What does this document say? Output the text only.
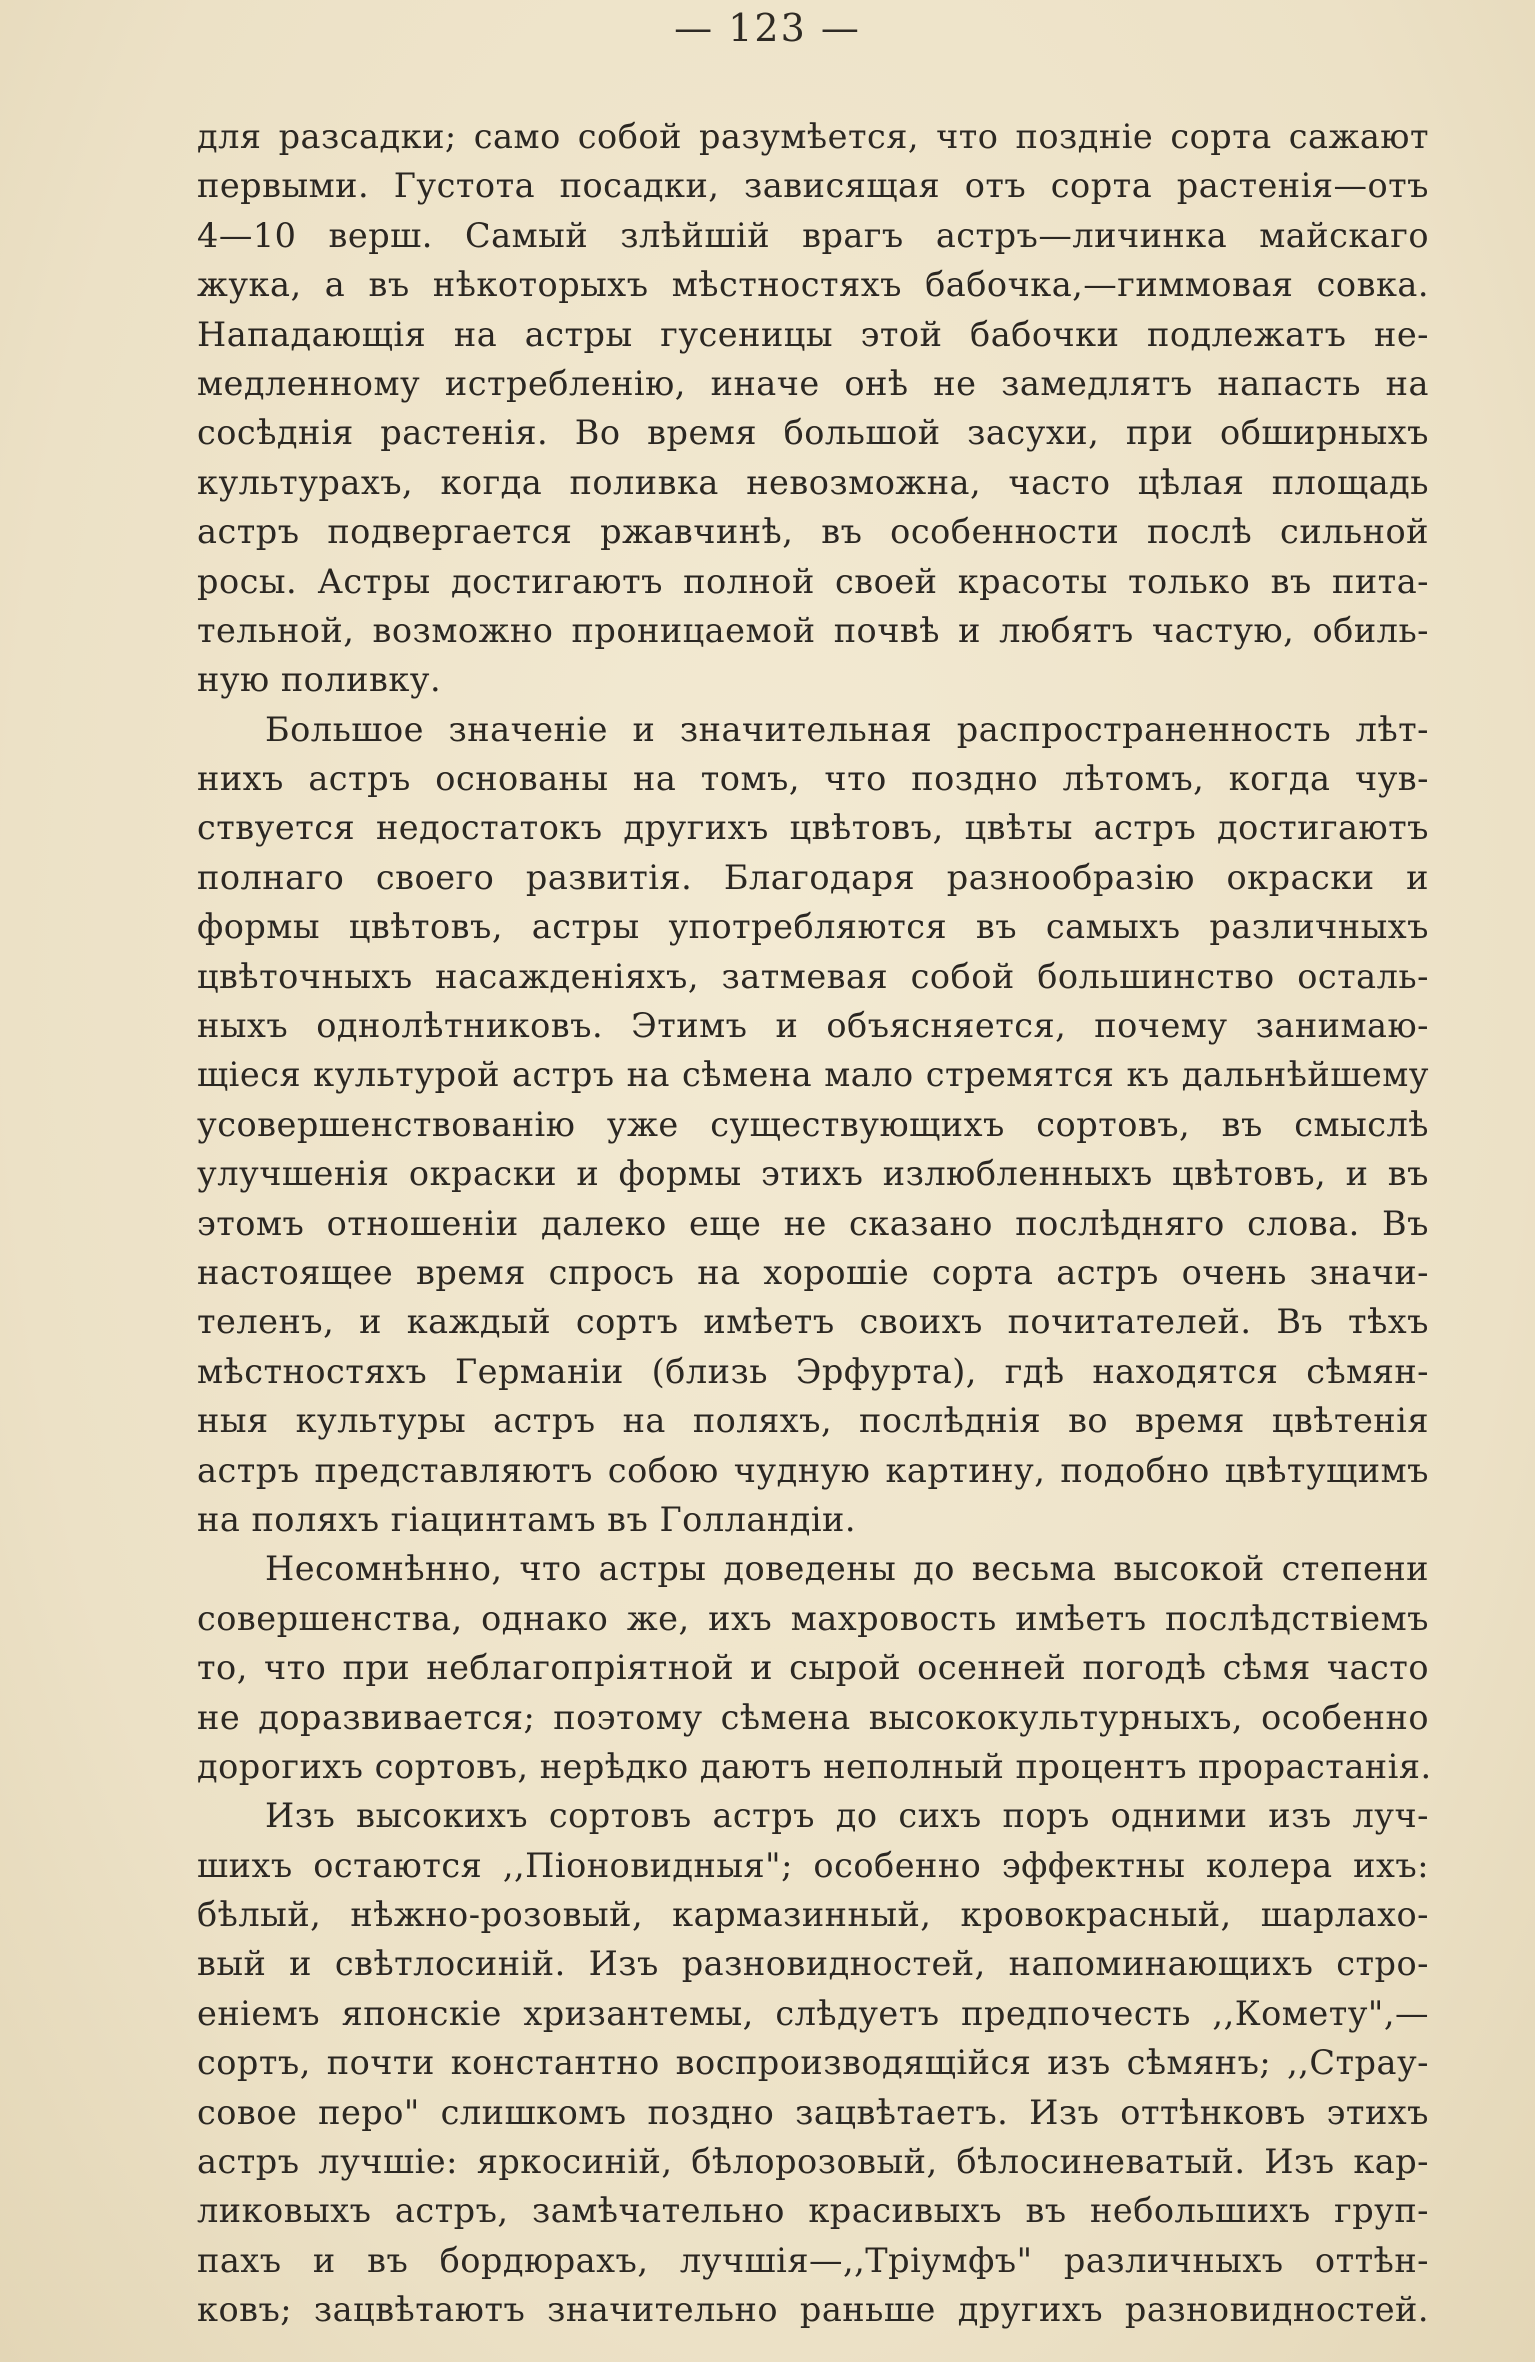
— 123 —
для разсадки; само собой разумѣется, что поздніе сорта сажают
первыми. Густота посадки, зависящая отъ сорта растенія—отъ
4—10 верш. Самый злѣйшій врагъ астръ—личинка майскаго
жука, а въ нѣкоторыхъ мѣстностяхъ бабочка,—гиммовая совка.
Нападающія на астры гусеницы этой бабочки подлежатъ не-
медленному истребленію, иначе онѣ не замедлятъ напасть на
сосѣднія растенія. Во время большой засухи, при обширныхъ
культурахъ, когда поливка невозможна, часто цѣлая площадь
астръ подвергается ржавчинѣ, въ особенности послѣ сильной
росы. Астры достигаютъ полной своей красоты только въ пита-
тельной, возможно проницаемой почвѣ и любятъ частую, обиль-
ную поливку.
Большое значеніе и значительная распространенность лѣт-
нихъ астръ основаны на томъ, что поздно лѣтомъ, когда чув-
ствуется недостатокъ другихъ цвѣтовъ, цвѣты астръ достигаютъ
полнаго своего развитія. Благодаря разнообразію окраски и
формы цвѣтовъ, астры употребляются въ самыхъ различныхъ
цвѣточныхъ насажденіяхъ, затмевая собой большинство осталь-
ныхъ однолѣтниковъ. Этимъ и объясняется, почему занимаю-
щіеся культурой астръ на сѣмена мало стремятся къ дальнѣйшему
усовершенствованію уже существующихъ сортовъ, въ смыслѣ
улучшенія окраски и формы этихъ излюбленныхъ цвѣтовъ, и въ
этомъ отношеніи далеко еще не сказано послѣдняго слова. Въ
настоящее время спросъ на хорошіе сорта астръ очень значи-
теленъ, и каждый сортъ имѣетъ своихъ почитателей. Въ тѣхъ
мѣстностяхъ Германіи (близь Эрфурта), гдѣ находятся сѣмян-
ныя культуры астръ на поляхъ, послѣднія во время цвѣтенія
астръ представляютъ собою чудную картину, подобно цвѣтущимъ
на поляхъ гіацинтамъ въ Голландіи.
Несомнѣнно, что астры доведены до весьма высокой степени
совершенства, однако же, ихъ махровость имѣетъ послѣдствіемъ
то, что при неблагопріятной и сырой осенней погодѣ сѣмя часто
не доразвивается; поэтому сѣмена высококультурныхъ, особенно
дорогихъ сортовъ, нерѣдко даютъ неполный процентъ прорастанія.
Изъ высокихъ сортовъ астръ до сихъ поръ одними изъ луч-
шихъ остаются ,,Піоновидныя"; особенно эффектны колера ихъ:
бѣлый, нѣжно-розовый, кармазинный, кровокрасный, шарлахо-
вый и свѣтлосиній. Изъ разновидностей, напоминающихъ стро-
еніемъ японскіе хризантемы, слѣдуетъ предпочесть ,,Комету",—
сортъ, почти константно воспроизводящійся изъ сѣмянъ; ,,Страу-
совое перо" слишкомъ поздно зацвѣтаетъ. Изъ оттѣнковъ этихъ
астръ лучшіе: яркосиній, бѣлорозовый, бѣлосиневатый. Изъ кар-
ликовыхъ астръ, замѣчательно красивыхъ въ небольшихъ груп-
пахъ и въ бордюрахъ, лучшія—,,Тріумфъ" различныхъ оттѣн-
ковъ; зацвѣтаютъ значительно раньше другихъ разновидностей.
